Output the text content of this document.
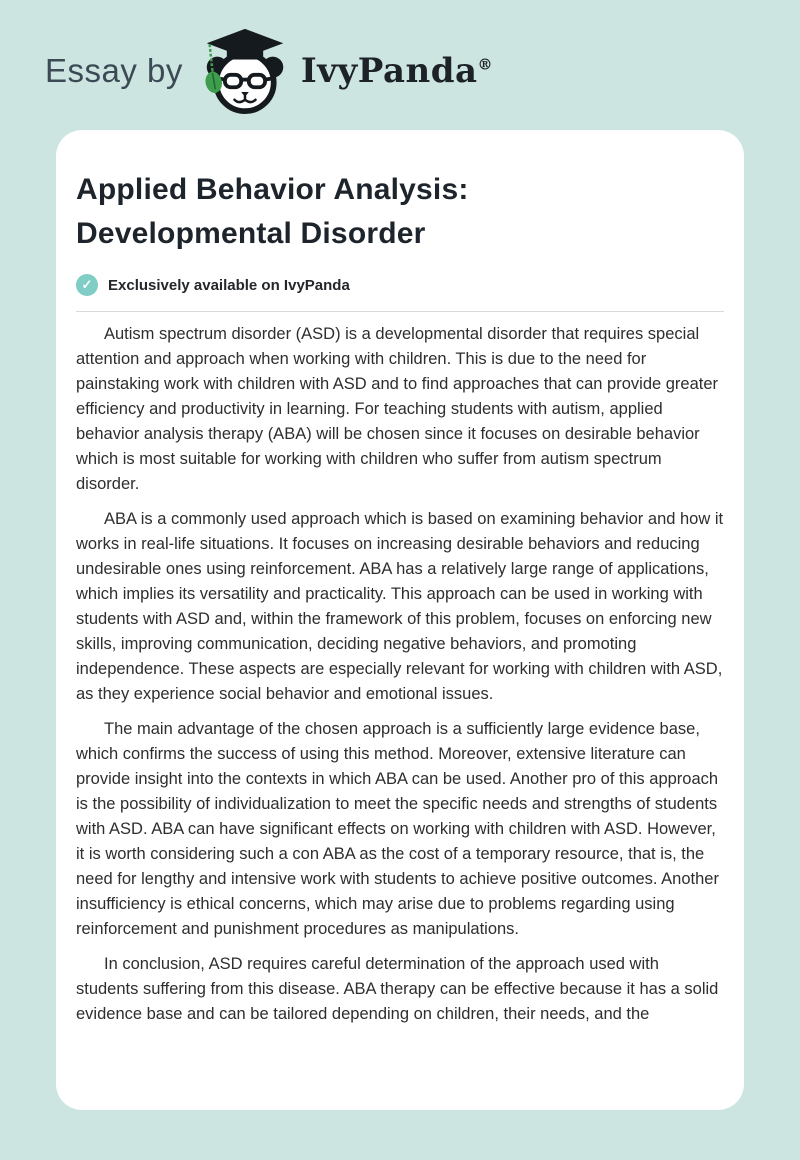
Essay by	IvyPanda®
Applied Behavior Analysis:
Developmental Disorder
✓	Exclusively available on IvyPanda

Autism spectrum disorder (ASD) is a developmental disorder that requires special attention and approach when working with children. This is due to the need for painstaking work with children with ASD and to find approaches that can provide greater efficiency and productivity in learning. For teaching students with autism, applied behavior analysis therapy (ABA) will be chosen since it focuses on desirable behavior which is most suitable for working with children who suffer from autism spectrum disorder.

ABA is a commonly used approach which is based on examining behavior and how it works in real-life situations. It focuses on increasing desirable behaviors and reducing undesirable ones using reinforcement. ABA has a relatively large range of applications, which implies its versatility and practicality. This approach can be used in working with students with ASD and, within the framework of this problem, focuses on enforcing new skills, improving communication, deciding negative behaviors, and promoting independence. These aspects are especially relevant for working with children with ASD, as they experience social behavior and emotional issues.

The main advantage of the chosen approach is a sufficiently large evidence base, which confirms the success of using this method. Moreover, extensive literature can provide insight into the contexts in which ABA can be used. Another pro of this approach is the possibility of individualization to meet the specific needs and strengths of students with ASD. ABA can have significant effects on working with children with ASD. However, it is worth considering such a con ABA as the cost of a temporary resource, that is, the need for lengthy and intensive work with students to achieve positive outcomes. Another insufficiency is ethical concerns, which may arise due to problems regarding using reinforcement and punishment procedures as manipulations.

In conclusion, ASD requires careful determination of the approach used with students suffering from this disease. ABA therapy can be effective because it has a solid evidence base and can be tailored depending on children, their needs, and the
